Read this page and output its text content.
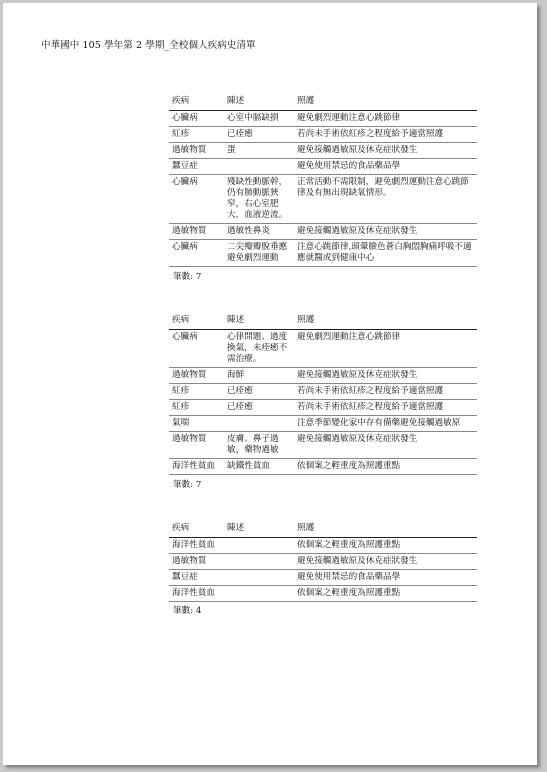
中華國中 105 學年第 2 學期_全校個人疾病史清單
疾病	陳述	照護
心臟病	心室中膈缺損	避免劇烈運動注意心跳節律
紅疹	已痊癒	若尚未手術依紅疹之程度給予適當照護
過敏物質	蛋	避免接觸過敏原及休克症狀發生
蠶豆症		避免使用禁忌的食品藥品學
心臟病	殘缺性動脈幹，仍有肺動脈狹窄，右心室肥大，血液逆流。	正常活動不需限制，避免劇烈運動注意心跳節律及有無出現缺氧情形。
過敏物質	過敏性鼻炎	避免接觸過敏原及休克症狀發生
心臟病	二尖瓣瓣脫垂應避免劇烈運動	注意心跳節律,頭暈臉色蒼白胸悶胸痛呼吸不適應就醫或到健康中心
筆數: 7
疾病	陳述	照護
心臟病	心律問題、過度換氣，未痊癒不需治療。	避免劇烈運動注意心跳節律
過敏物質	海鮮	避免接觸過敏原及休克症狀發生
紅疹	已痊癒	若尚未手術依紅疹之程度給予適當照護
紅疹	已痊癒	若尚未手術依紅疹之程度給予適當照護
氣喘		注意季節變化家中存有備藥避免接觸過敏原
過敏物質	皮膚、鼻子過敏，藥物過敏	避免接觸過敏原及休克症狀發生
海洋性貧血	缺鐵性貧血	依個案之輕重度為照護重點
筆數: 7
疾病	陳述	照護
海洋性貧血		依個案之輕重度為照護重點
過敏物質		避免接觸過敏原及休克症狀發生
蠶豆症		避免使用禁忌的食品藥品學
海洋性貧血		依個案之輕重度為照護重點
筆數: 4
